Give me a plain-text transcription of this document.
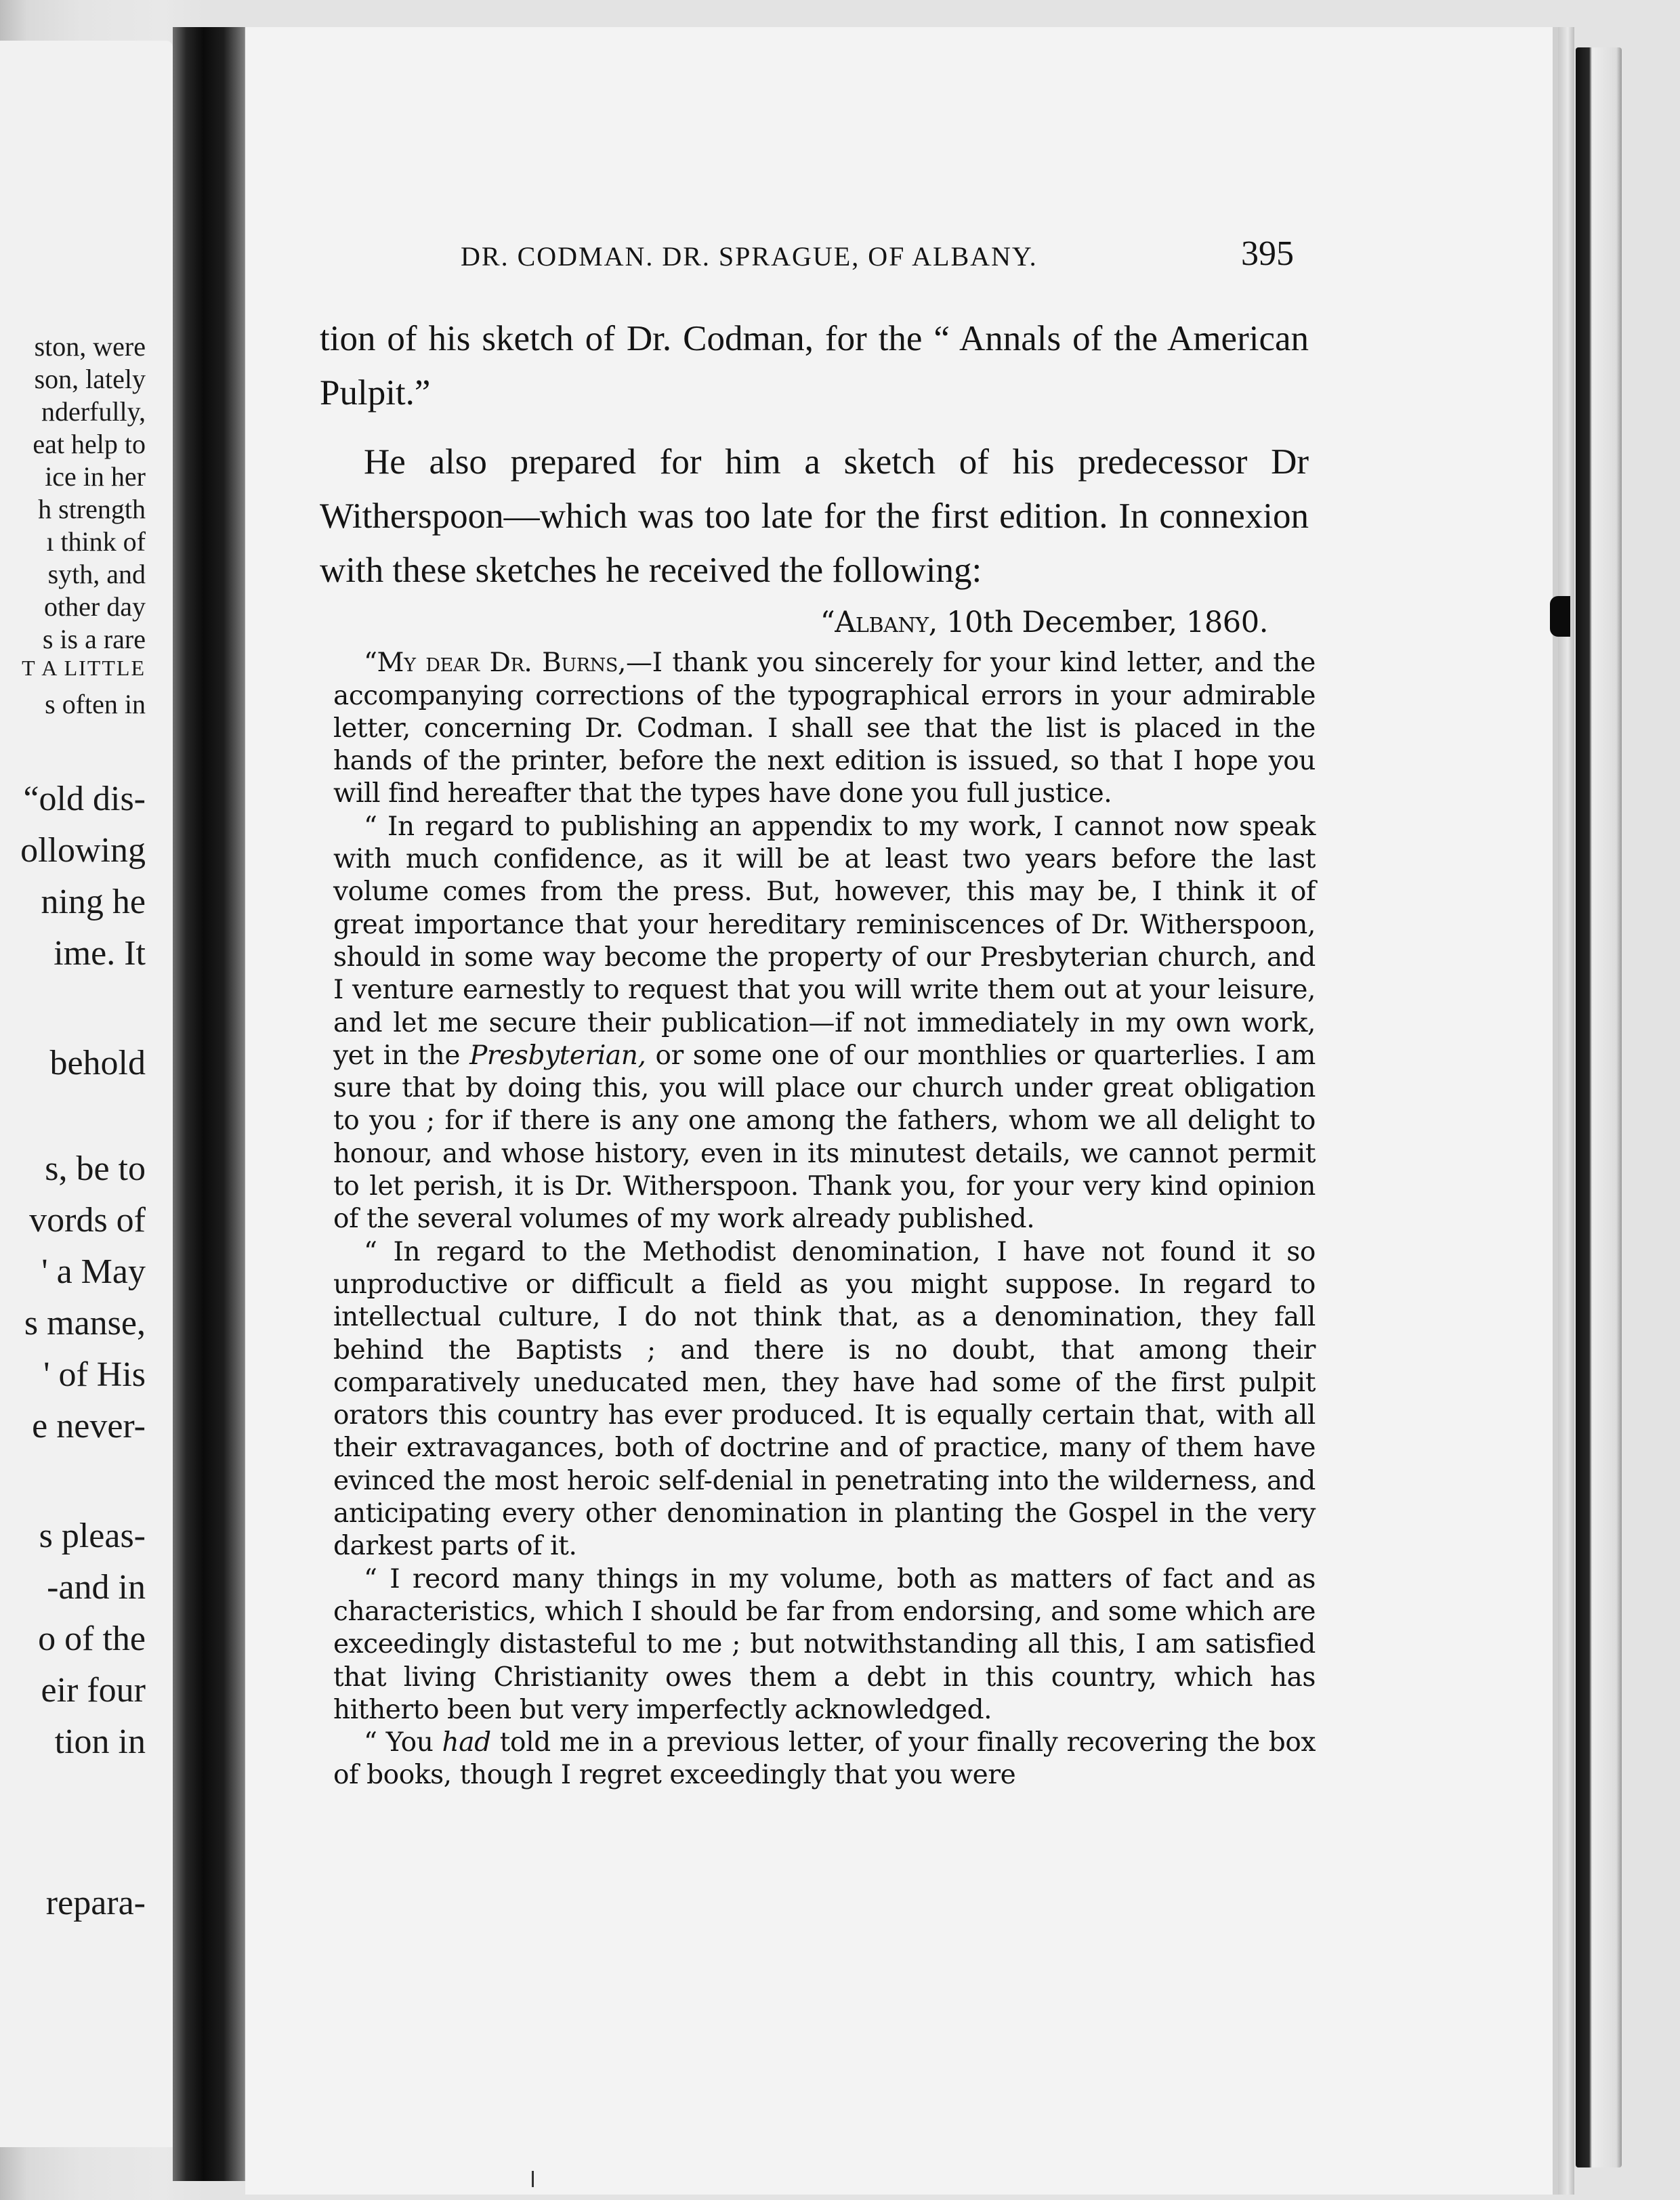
ston, were
son, lately
nderfully,
eat help to
ice in her
h strength
ı think of
syth, and
other day
s is a rare
T A LITTLE
s often in
“old dis-
ollowing
ning he
ime. It
behold
s, be to
vords of
' a May
s manse,
' of His
e never-
s pleas-
-and in
o of the
eir four
tion in
repara-
DR. CODMAN. DR. SPRAGUE, OF ALBANY.	395

tion of his sketch of Dr. Codman, for the “ Annals of the American Pulpit.”

He also prepared for him a sketch of his predecessor Dr Witherspoon—which was too late for the first edition. In connexion with these sketches he received the following:

“Albany, 10th December, 1860.

“My dear Dr. Burns,—I thank you sincerely for your kind letter, and the accompanying corrections of the typographical errors in your admirable letter, concerning Dr. Codman. I shall see that the list is placed in the hands of the printer, before the next edition is issued, so that I hope you will find hereafter that the types have done you full justice.

“ In regard to publishing an appendix to my work, I cannot now speak with much confidence, as it will be at least two years before the last volume comes from the press. But, however, this may be, I think it of great importance that your hereditary reminiscences of Dr. Witherspoon, should in some way become the property of our Presbyterian church, and I venture earnestly to request that you will write them out at your leisure, and let me secure their publication—if not immediately in my own work, yet in the Presbyterian, or some one of our monthlies or quarterlies. I am sure that by doing this, you will place our church under great obligation to you ; for if there is any one among the fathers, whom we all delight to honour, and whose history, even in its minutest details, we cannot permit to let perish, it is Dr. Witherspoon. Thank you, for your very kind opinion of the several volumes of my work already published.

“ In regard to the Methodist denomination, I have not found it so unproductive or difficult a field as you might suppose. In regard to intellectual culture, I do not think that, as a denomination, they fall behind the Baptists ; and there is no doubt, that among their comparatively uneducated men, they have had some of the first pulpit orators this country has ever produced. It is equally certain that, with all their extravagances, both of doctrine and of practice, many of them have evinced the most heroic self-denial in penetrating into the wilderness, and anticipating every other denomination in planting the Gospel in the very darkest parts of it.

“ I record many things in my volume, both as matters of fact and as characteristics, which I should be far from endorsing, and some which are exceedingly distasteful to me ; but notwithstanding all this, I am satisfied that living Christianity owes them a debt in this country, which has hitherto been but very imperfectly acknowledged.

“ You had told me in a previous letter, of your finally recovering the box of books, though I regret exceedingly that you were
